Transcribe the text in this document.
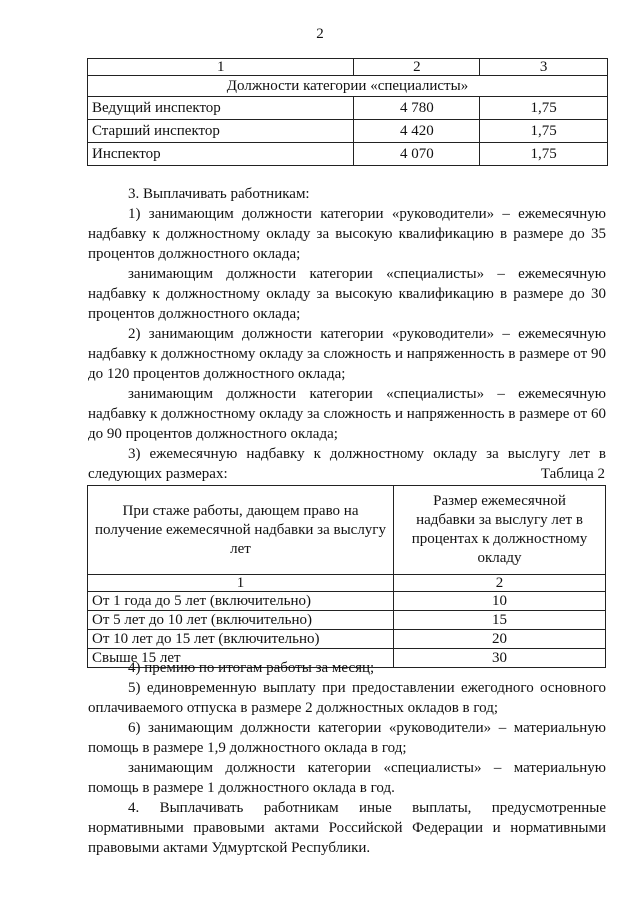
2
1	2	3
Должности категории «специалисты»		
Ведущий инспектор	4 780	1,75
Старший инспектор	4 420	1,75
Инспектор	4 070	1,75

3. Выплачивать работникам:

1) занимающим должности категории «руководители» – ежемесячную надбавку к должностному окладу за высокую квалификацию в размере до 35 процентов должностного оклада;

занимающим должности категории «специалисты» – ежемесячную надбавку к должностному окладу за высокую квалификацию в размере до 30 процентов должностного оклада;

2) занимающим должности категории «руководители» – ежемесячную надбавку к должностному окладу за сложность и напряженность в размере от 90 до 120 процентов должностного оклада;

занимающим должности категории «специалисты» – ежемесячную надбавку к должностному окладу за сложность и напряженность в размере от 60 до 90 процентов должностного оклада;

3) ежемесячную надбавку к должностному окладу за выслугу лет в следующих размерах:	Таблица 2
При стаже работы, дающем право на получение ежемесячной надбавки за выслугу лет	Размер ежемесячной надбавки за выслугу лет в процентах к должностному окладу
1	2
От 1 года до 5 лет (включительно)	10
От 5 лет до 10 лет (включительно)	15
От 10 лет до 15 лет (включительно)	20
Свыше 15 лет	30

4) премию по итогам работы за месяц;

5) единовременную выплату при предоставлении ежегодного основного оплачиваемого отпуска в размере 2 должностных окладов в год;

6) занимающим должности категории «руководители» – материальную помощь в размере 1,9 должностного оклада в год;

занимающим должности категории «специалисты» – материальную помощь в размере 1 должностного оклада в год.

4. Выплачивать работникам иные выплаты, предусмотренные нормативными правовыми актами Российской Федерации и нормативными правовыми актами Удмуртской Республики.
